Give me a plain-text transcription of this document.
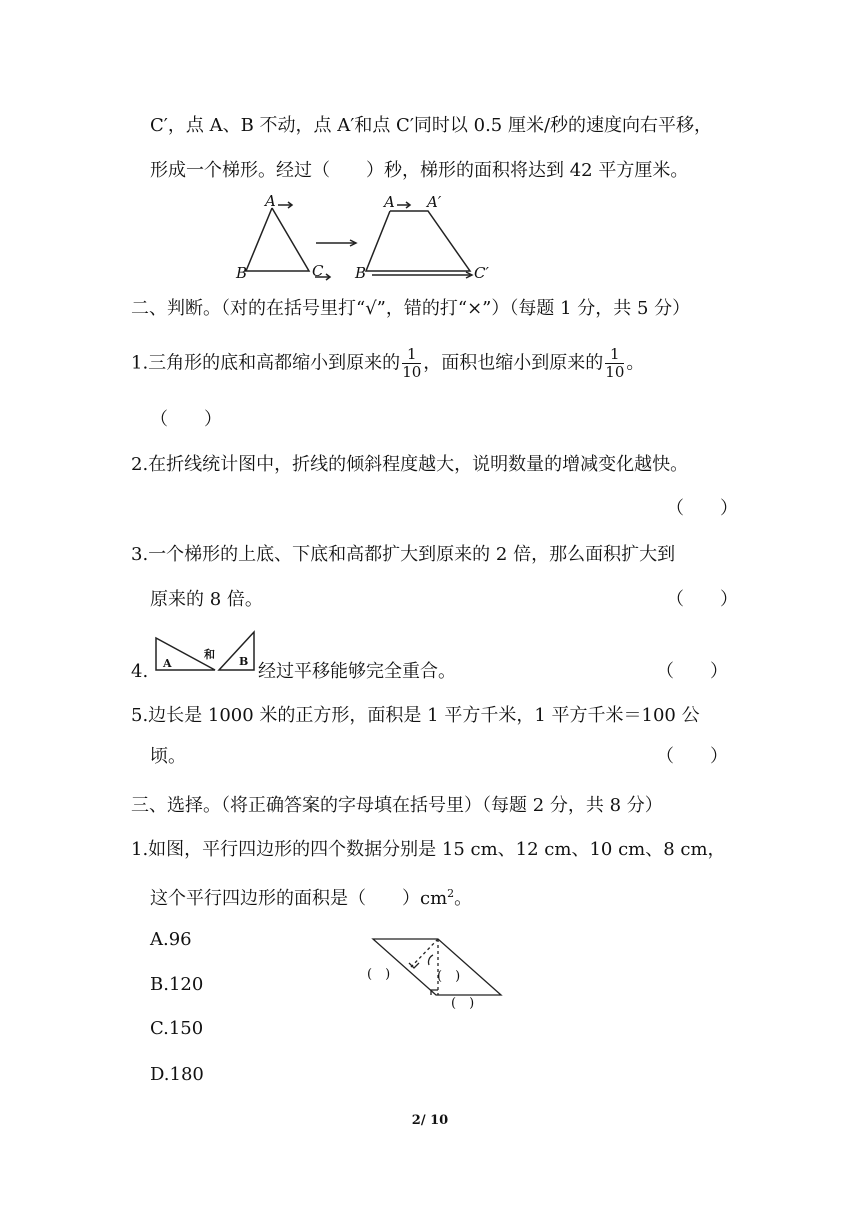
C′，点 A、B 不动，点 A′和点 C′同时以 0.5 厘米/秒的速度向右平移，
形成一个梯形。经过（　　）秒，梯形的面积将达到 42 平方厘米。
A
B	C
A A′
B	C′
二、判断。（对的在括号里打“√”，错的打“×”）（每题 1 分，共 5 分）
1.三角形的底和高都缩小到原来的 $\frac{1}{10}$ ，面积也缩小到原来的 $\frac{1}{10}$ 。
（　　）
2.在折线统计图中，折线的倾斜程度越大，说明数量的增减变化越快。
（　　）
3.一个梯形的上底、下底和高都扩大到原来的 2 倍，那么面积扩大到
原来的 8 倍。	（　　）
4. A
和
B 经过平移能够完全重合。	（　　）
5.边长是 1000 米的正方形，面积是 1 平方千米，1 平方千米＝100 公
顷。	（　　）
三、选择。（将正确答案的字母填在括号里）（每题 2 分，共 8 分）
1.如图，平行四边形的四个数据分别是 15 cm、12 cm、10 cm、8 cm，
这个平行四边形的面积是（　　）$cm^2$。
A.96
B.120
C.150
D.180
(　)	(　)
(　)
2/ 10
